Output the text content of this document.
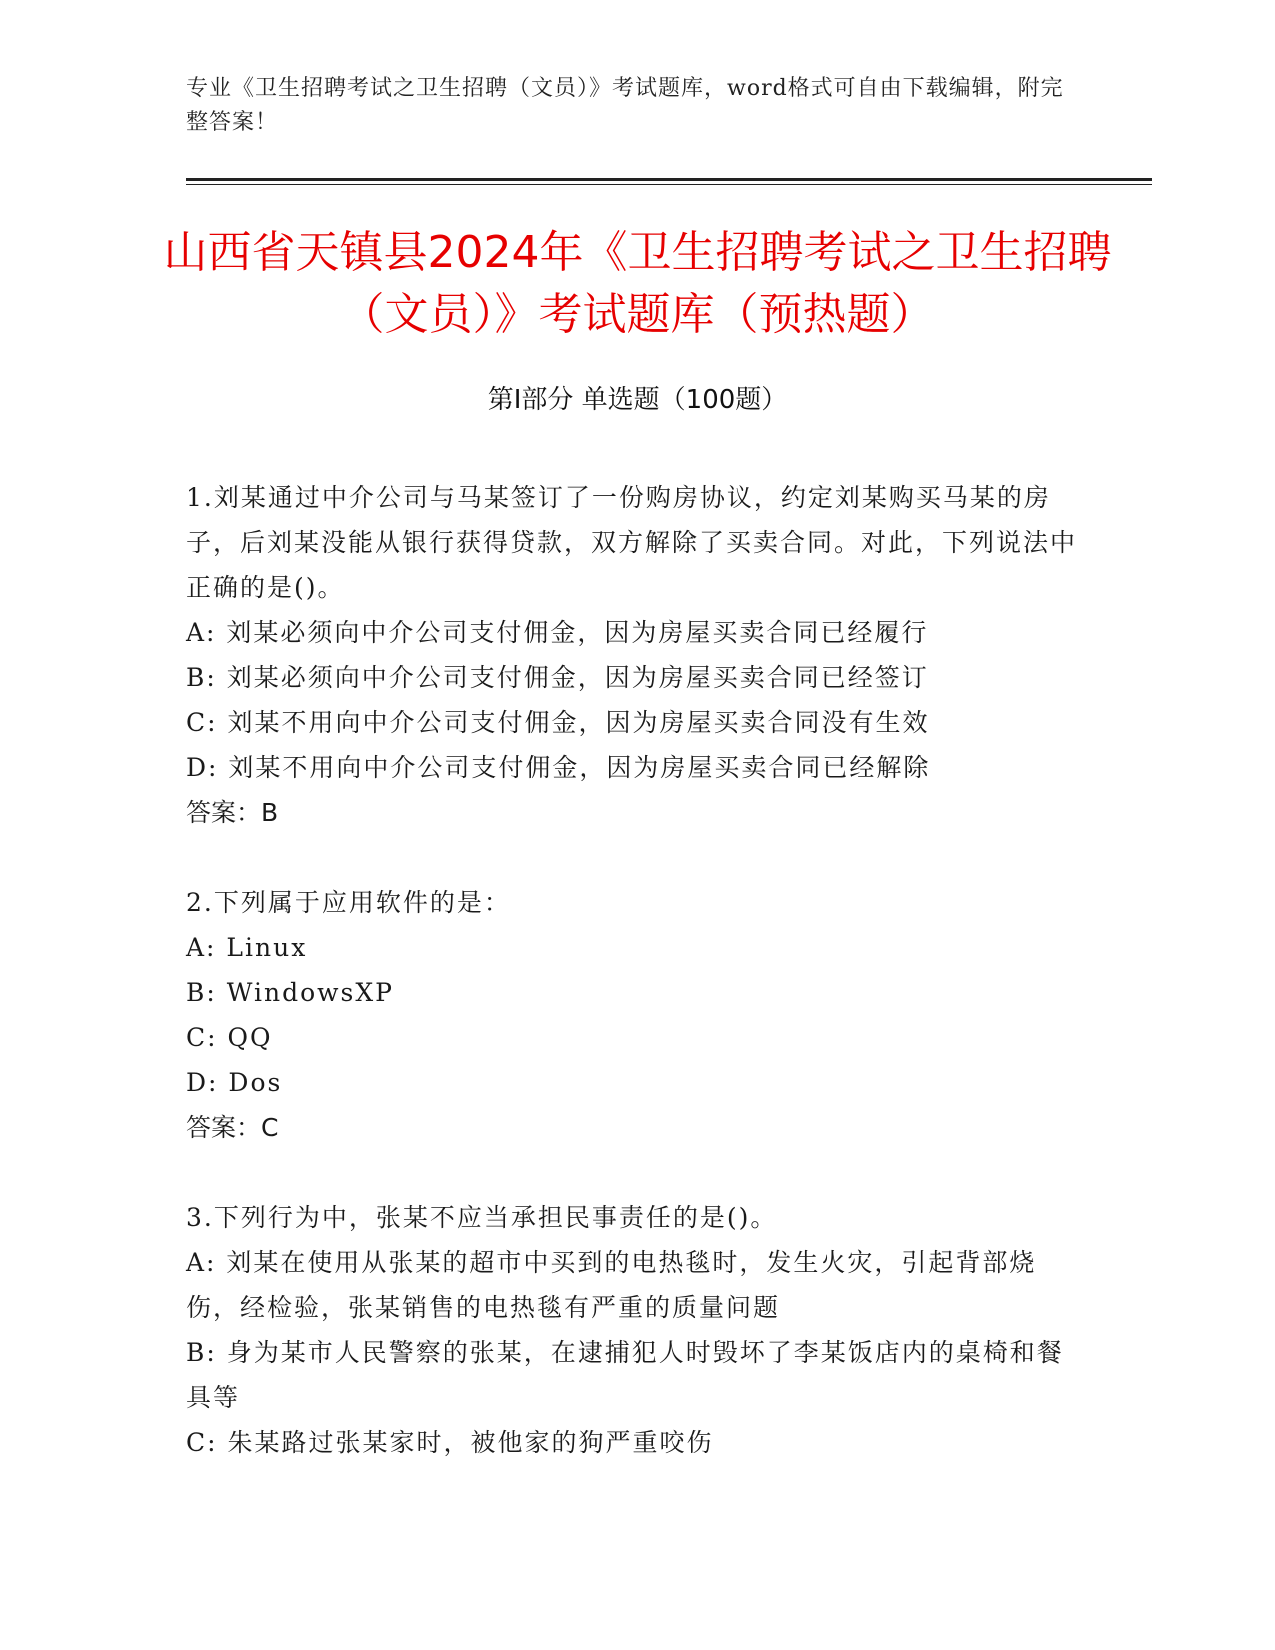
专业《卫生招聘考试之卫生招聘（文员）》考试题库，word格式可自由下载编辑，附完整答案！
山西省天镇县2024年《卫生招聘考试之卫生招聘（文员）》考试题库（预热题）
第Ⅰ部分 单选题（100题）
1.刘某通过中介公司与马某签订了一份购房协议，约定刘某购买马某的房子，后刘某没能从银行获得贷款，双方解除了买卖合同。对此，下列说法中正确的是()。
A: 刘某必须向中介公司支付佣金，因为房屋买卖合同已经履行
B: 刘某必须向中介公司支付佣金，因为房屋买卖合同已经签订
C: 刘某不用向中介公司支付佣金，因为房屋买卖合同没有生效
D: 刘某不用向中介公司支付佣金，因为房屋买卖合同已经解除
答案：B
2.下列属于应用软件的是：
A: Linux
B: WindowsXP
C: QQ
D: Dos
答案：C
3.下列行为中，张某不应当承担民事责任的是()。
A: 刘某在使用从张某的超市中买到的电热毯时，发生火灾，引起背部烧伤，经检验，张某销售的电热毯有严重的质量问题
B: 身为某市人民警察的张某，在逮捕犯人时毁坏了李某饭店内的桌椅和餐具等
C: 朱某路过张某家时，被他家的狗严重咬伤
